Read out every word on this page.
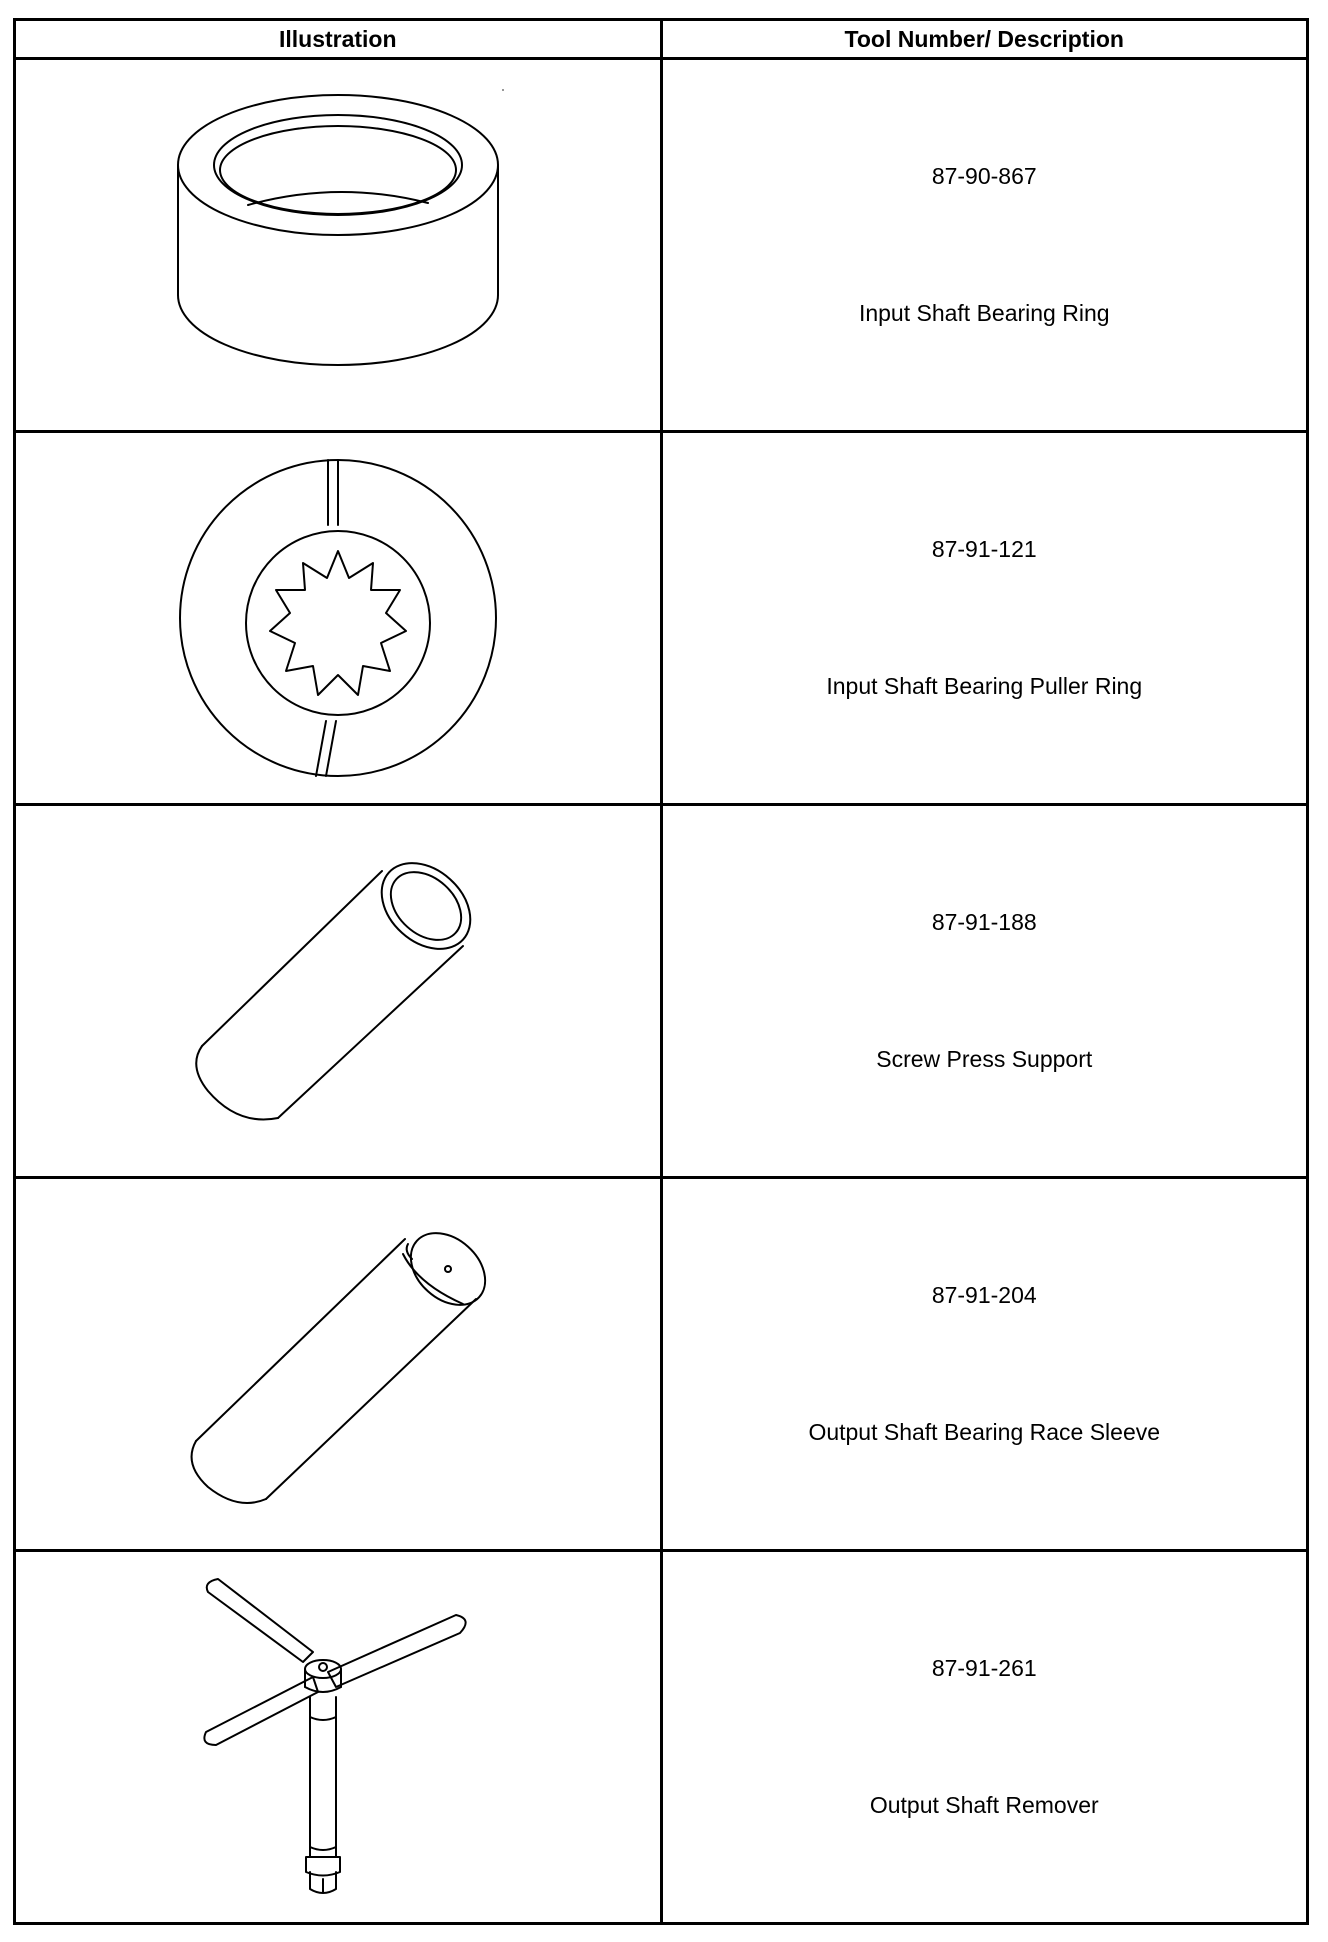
Illustration	Tool Number/ Description

87-90-867
Input Shaft Bearing Ring

87-91-121
Input Shaft Bearing Puller Ring

87-91-188
Screw Press Support

87-91-204
Output Shaft Bearing Race Sleeve

87-91-261
Output Shaft Remover
